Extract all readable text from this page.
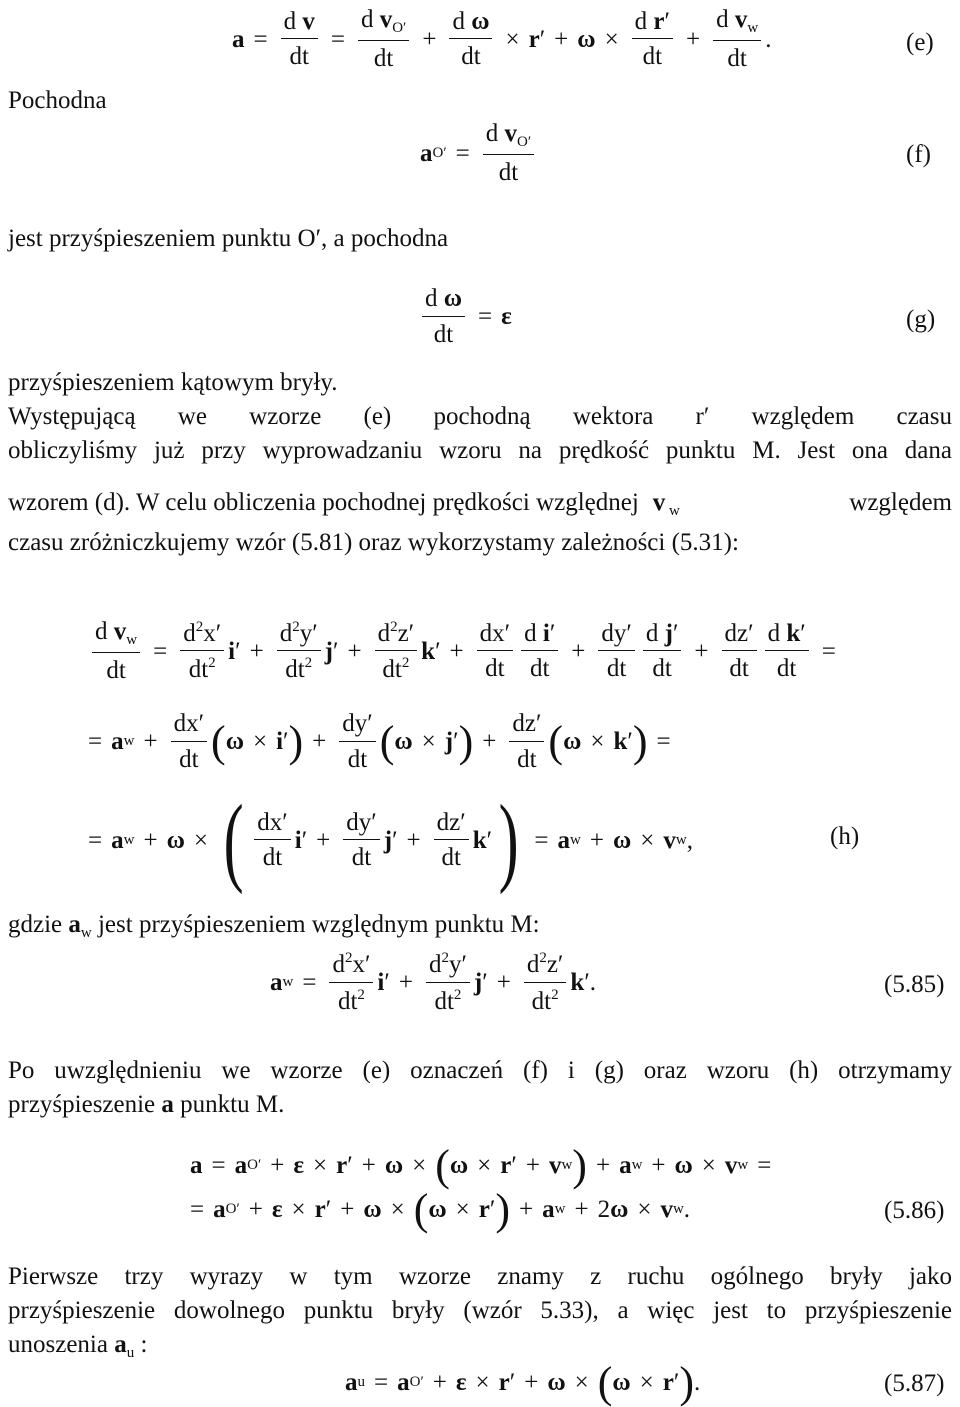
$a = \frac{\text{d v}}{dt} = \frac{d v_{O'}}{dt} + \frac{\text{d ω}}{dt} \times r$ ′ + $\omega \times \frac{\text{d r′}}{dt} + \frac{d v_w}{dt}$ .	(e)
Pochodna
a $O' = \frac{d v_{O'}}{dt}$	(f)
jest przyśpieszeniem punktu O′, a pochodna
$\frac{\text{d ω}}{dt} = \varepsilon$	(g)
przyśpieszeniem kątowym bryły.
Występującą we wzorze (e) pochodną wektora r′ względem czasu
obliczyliśmy już przy wyprowadzaniu wzoru na prędkość punktu M. Jest ona dana
wzorem (d). W celu obliczenia pochodnej prędkości względnej v $_w$	względem
czasu zróżniczkujemy wzór (5.81) oraz wykorzystamy zależności (5.31):
$\frac{d v_w}{dt} = \frac{d^2x'}{dt^2}$ i ′ + $\frac{d^2y'}{dt^2}$ j ′ + $\frac{d^2z'}{dt^2}$ k ′ + $\frac{dx'}{dt} \frac{\text{d i′}}{dt} + \frac{dy'}{dt} \frac{\text{d j′}}{dt} + \frac{dz'}{dt} \frac{\text{d k′}}{dt}$ =
= a $w + \frac{dx'}{dt}$ ( ω × i ′ ) + $\frac{dy'}{dt}$ ( ω × j ′ ) + $\frac{dz'}{dt}$ ( ω × k ′ ) =
= a w + ω × ( $\frac{dx'}{dt}$ i ′ + $\frac{dy'}{dt}$ j ′ + $\frac{dz'}{dt}$ k ′ ) = a w + ω × v w ,	(h)
gdzie $a_w$ jest przyśpieszeniem względnym punktu M:
a $w = \frac{d^2x'}{dt^2}$ i ′ + $\frac{d^2y'}{dt^2}$ j ′ + $\frac{d^2z'}{dt^2}$ k ′.	(5.85)
Po uwzględnieniu we wzorze (e) oznaczeń (f) i (g) oraz wzoru (h) otrzymamy
przyśpieszenie a punktu M.
a = a O′ + ε × r ′ + ω × ( ω × r ′ + v w ) + a w + ω × v w =
= a O′ + ε × r ′ + ω × ( ω × r ′ ) + a w + 2 ω × v w .	(5.86)
Pierwsze trzy wyrazy w tym wzorze znamy z ruchu ogólnego bryły jako
przyśpieszenie dowolnego punktu bryły (wzór 5.33), a więc jest to przyśpieszenie
unoszenia $a_u$ :
a u = a O′ + ε × r ′ + ω × ( ω × r ′ ) .	(5.87)
